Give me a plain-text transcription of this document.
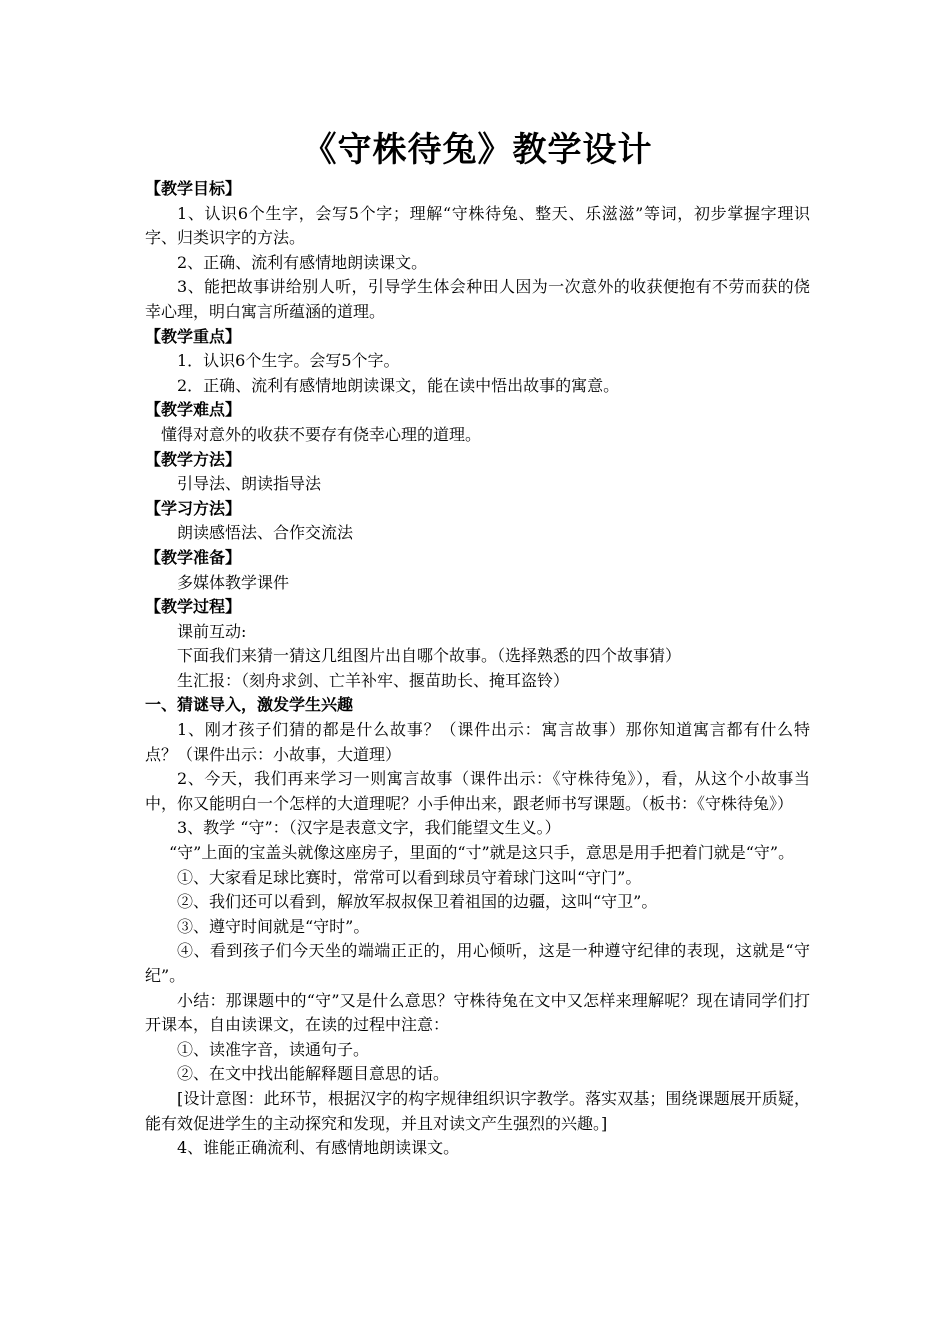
《守株待兔》教学设计
【教学目标】
1、认识6个生字，会写5个字；理解“守株待兔、整天、乐滋滋”等词，初步掌握字理识字、归类识字的方法。
2、正确、流利有感情地朗读课文。
3、能把故事讲给别人听，引导学生体会种田人因为一次意外的收获便抱有不劳而获的侥幸心理，明白寓言所蕴涵的道理。
【教学重点】
1．认识6个生字。会写5个字。
2．正确、流利有感情地朗读课文，能在读中悟出故事的寓意。
【教学难点】
懂得对意外的收获不要存有侥幸心理的道理。
【教学方法】
引导法、朗读指导法
【学习方法】
朗读感悟法、合作交流法
【教学准备】
多媒体教学课件
【教学过程】
课前互动:
下面我们来猜一猜这几组图片出自哪个故事。（选择熟悉的四个故事猜）
生汇报：（刻舟求剑、亡羊补牢、揠苗助长、掩耳盗铃）
一、猜谜导入，激发学生兴趣
1、刚才孩子们猜的都是什么故事？（课件出示：寓言故事）那你知道寓言都有什么特点？（课件出示：小故事，大道理）
2、今天，我们再来学习一则寓言故事（课件出示：《守株待兔》），看，从这个小故事当中，你又能明白一个怎样的大道理呢？小手伸出来，跟老师书写课题。（板书：《守株待兔》）
3、教学 “守”：（汉字是表意文字，我们能望文生义。）
“守”上面的宝盖头就像这座房子，里面的“寸”就是这只手，意思是用手把着门就是“守”。
①、大家看足球比赛时，常常可以看到球员守着球门这叫“守门”。
②、我们还可以看到，解放军叔叔保卫着祖国的边疆，这叫“守卫”。
③、遵守时间就是“守时”。
④、看到孩子们今天坐的端端正正的，用心倾听，这是一种遵守纪律的表现，这就是“守纪”。
小结：那课题中的“守”又是什么意思？守株待兔在文中又怎样来理解呢？现在请同学们打开课本，自由读课文，在读的过程中注意：
①、读准字音，读通句子。
②、在文中找出能解释题目意思的话。
[设计意图：此环节，根据汉字的构字规律组织识字教学。落实双基；围绕课题展开质疑，能有效促进学生的主动探究和发现，并且对读文产生强烈的兴趣。]
4、谁能正确流利、有感情地朗读课文。
